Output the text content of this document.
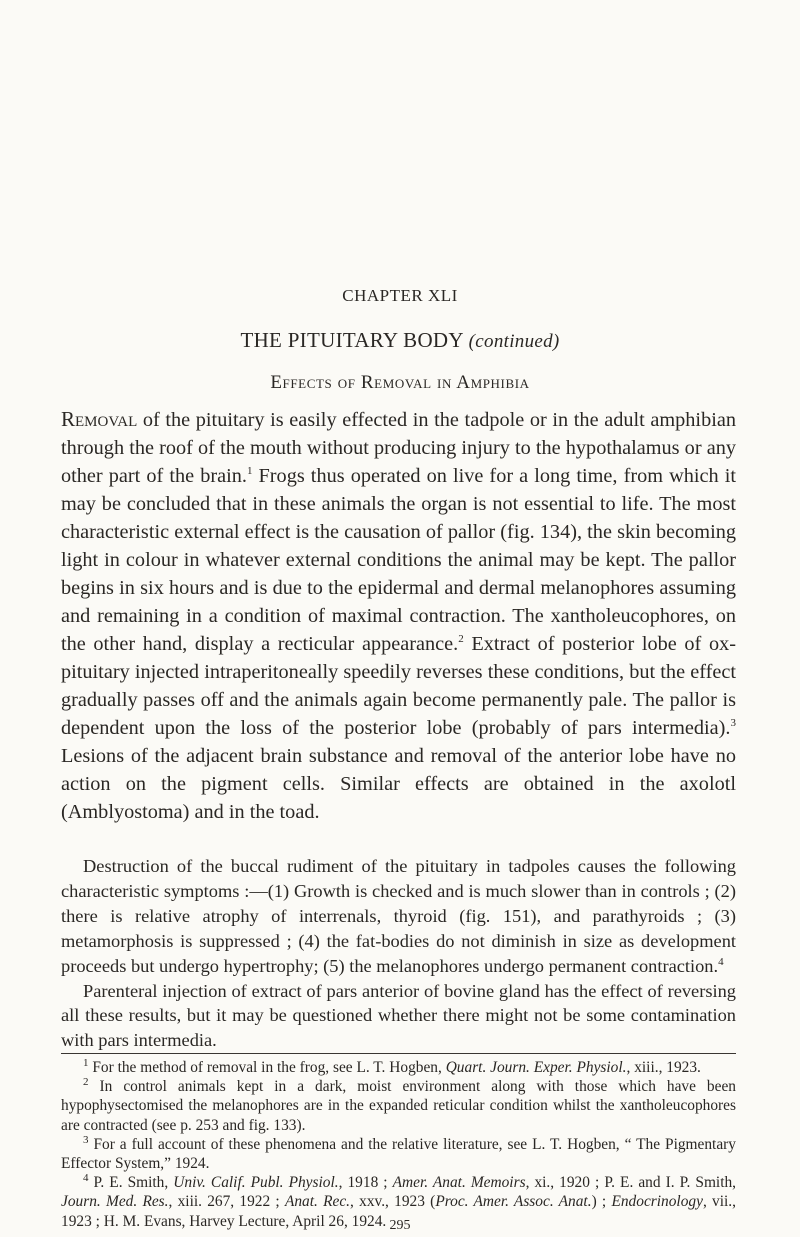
CHAPTER XLI
THE PITUITARY BODY (continued)
Effects of Removal in Amphibia
Removal of the pituitary is easily effected in the tadpole or in the adult amphibian through the roof of the mouth without producing injury to the hypothalamus or any other part of the brain.$^1$ Frogs thus operated on live for a long time, from which it may be concluded that in these animals the organ is not essential to life. The most characteristic external effect is the causation of pallor (fig. 134), the skin becoming light in colour in whatever external conditions the animal may be kept. The pallor begins in six hours and is due to the epidermal and dermal melanophores assuming and remaining in a condition of maximal contraction. The xantholeucophores, on the other hand, display a recticular appearance.$^2$ Extract of posterior lobe of ox-pituitary injected intraperitoneally speedily reverses these conditions, but the effect gradually passes off and the animals again become permanently pale. The pallor is dependent upon the loss of the posterior lobe (probably of pars intermedia).$^3$ Lesions of the adjacent brain substance and removal of the anterior lobe have no action on the pigment cells. Similar effects are obtained in the axolotl (Amblyostoma) and in the toad.

Destruction of the buccal rudiment of the pituitary in tadpoles causes the following characteristic symptoms :—(1) Growth is checked and is much slower than in controls ; (2) there is relative atrophy of interrenals, thyroid (fig. 151), and parathyroids ; (3) metamorphosis is suppressed ; (4) the fat-bodies do not diminish in size as development proceeds but undergo hypertrophy; (5) the melanophores undergo permanent contraction.$^4$

Parenteral injection of extract of pars anterior of bovine gland has the effect of reversing all these results, but it may be questioned whether there might not be some contamination with pars intermedia.

$^1$ For the method of removal in the frog, see L. T. Hogben, Quart. Journ. Exper. Physiol., xiii., 1923.

$^2$ In control animals kept in a dark, moist environment along with those which have been hypophysectomised the melanophores are in the expanded reticular condition whilst the xantholeucophores are contracted (see p. 253 and fig. 133).

$^3$ For a full account of these phenomena and the relative literature, see L. T. Hogben, “ The Pigmentary Effector System,” 1924.

$^4$ P. E. Smith, Univ. Calif. Publ. Physiol., 1918 ; Amer. Anat. Memoirs, xi., 1920 ; P. E. and I. P. Smith, Journ. Med. Res., xiii. 267, 1922 ; Anat. Rec., xxv., 1923 (Proc. Amer. Assoc. Anat.) ; Endocrinology, vii., 1923 ; H. M. Evans, Harvey Lecture, April 26, 1924. 295
